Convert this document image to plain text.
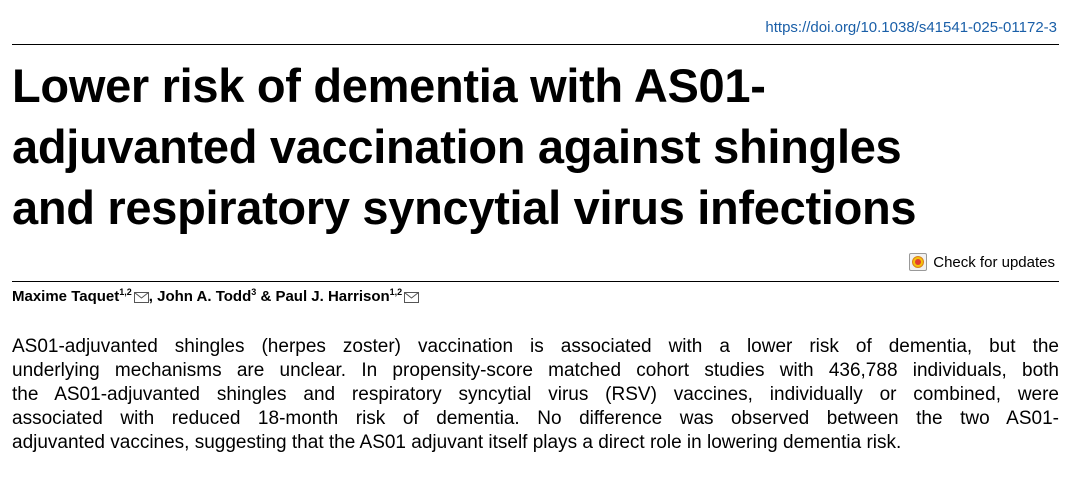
https://doi.org/10.1038/s41541-025-01172-3
Lower risk of dementia with AS01-
adjuvanted vaccination against shingles
and respiratory syncytial virus infections
Check for updates
Maxime Taquet$^{1,2}$ , John A. Todd$^3$ & Paul J. Harrison$^{1,2}$

AS01-adjuvanted shingles (herpes zoster) vaccination is associated with a lower risk of dementia, but the
underlying mechanisms are unclear. In propensity-score matched cohort studies with 436,788 individuals, both
the AS01-adjuvanted shingles and respiratory syncytial virus (RSV) vaccines, individually or combined, were
associated with reduced 18-month risk of dementia. No difference was observed between the two AS01-
adjuvanted vaccines, suggesting that the AS01 adjuvant itself plays a direct role in lowering dementia risk.
